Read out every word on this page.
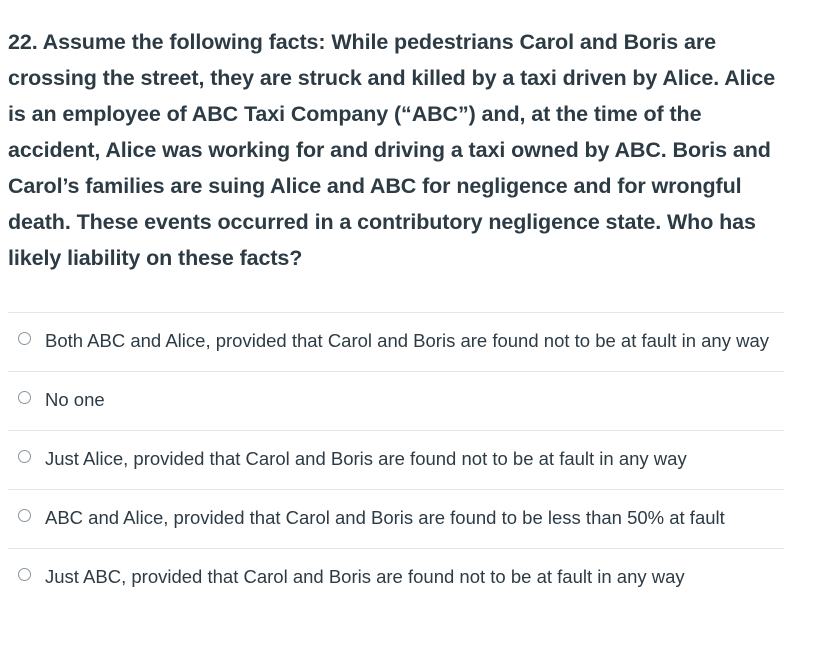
22. Assume the following facts: While pedestrians Carol and Boris are crossing the street, they are struck and killed by a taxi driven by Alice. Alice is an employee of ABC Taxi Company (“ABC”) and, at the time of the accident, Alice was working for and driving a taxi owned by ABC. Boris and Carol’s families are suing Alice and ABC for negligence and for wrongful death. These events occurred in a contributory negligence state. Who has likely liability on these facts?
Both ABC and Alice, provided that Carol and Boris are found not to be at fault in any way
No one
Just Alice, provided that Carol and Boris are found not to be at fault in any way
ABC and Alice, provided that Carol and Boris are found to be less than 50% at fault
Just ABC, provided that Carol and Boris are found not to be at fault in any way
